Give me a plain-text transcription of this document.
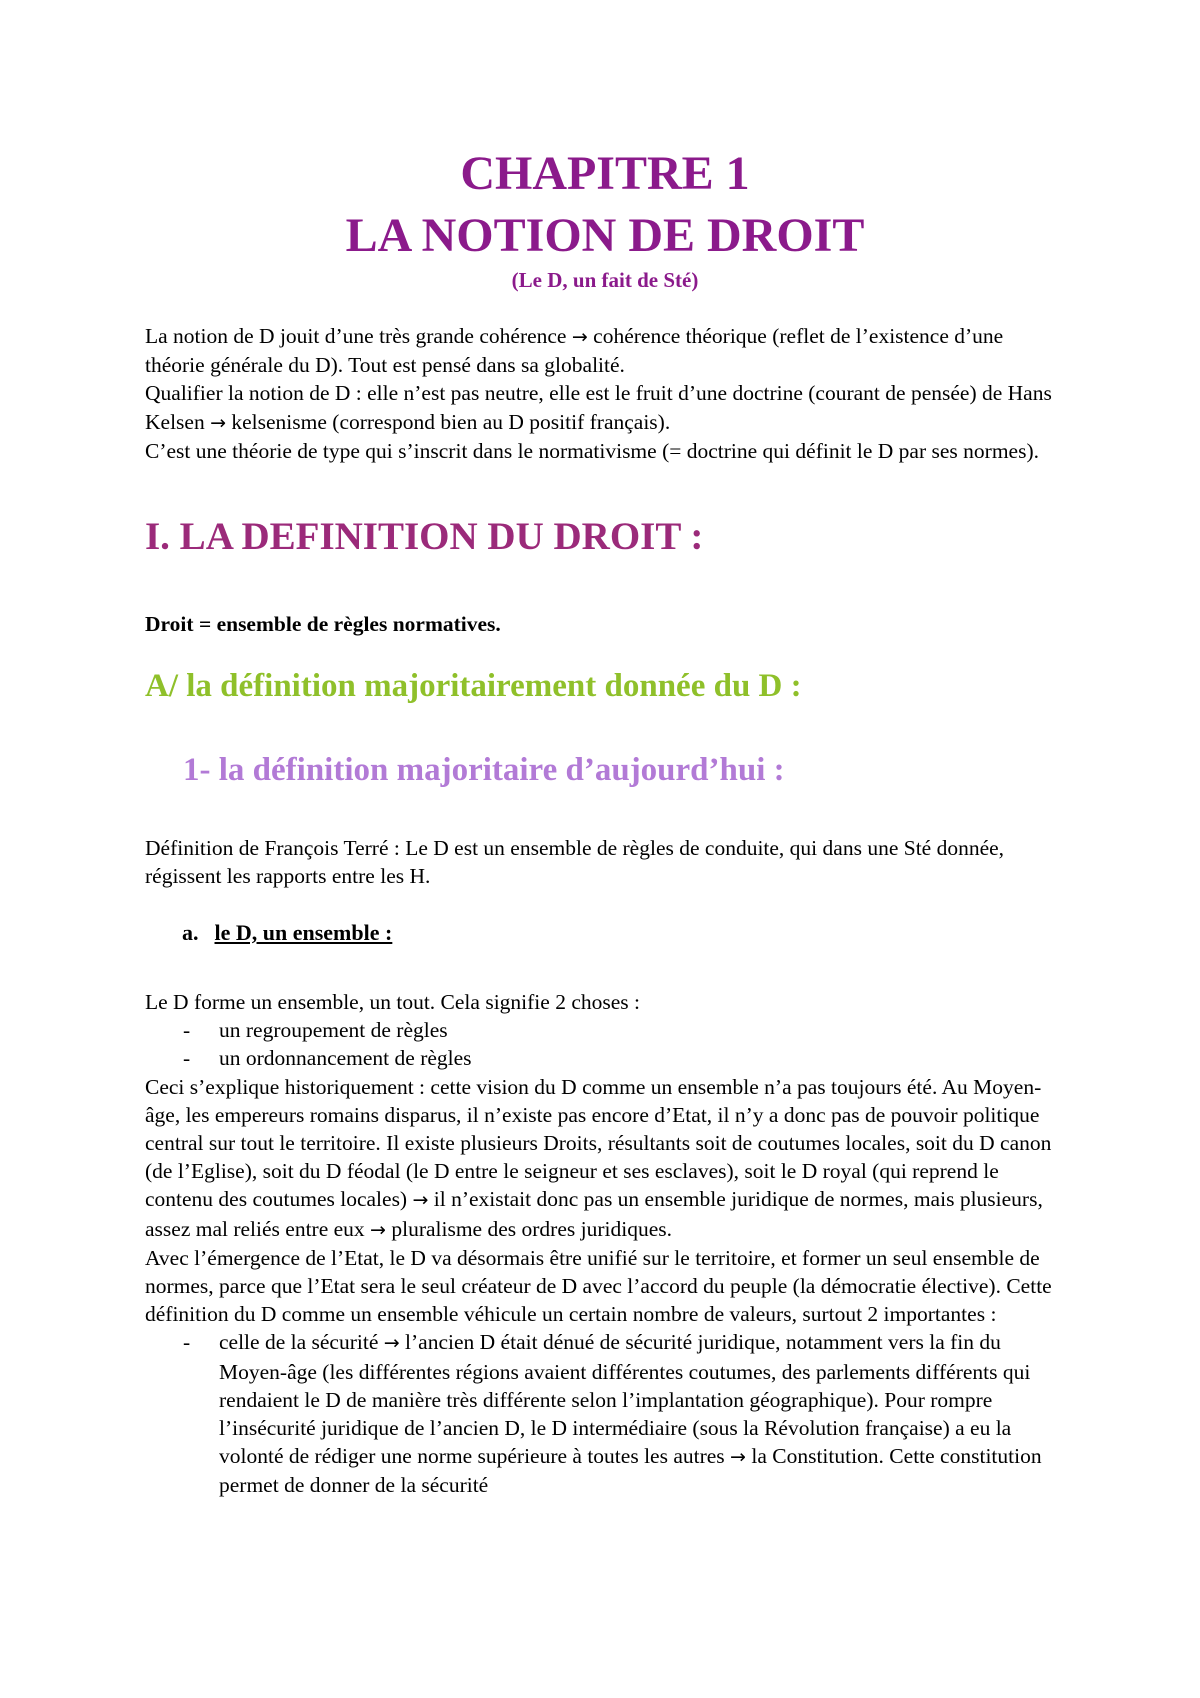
CHAPITRE 1
LA NOTION DE DROIT
(Le D, un fait de Sté)

La notion de D jouit d’une très grande cohérence → cohérence théorique (reflet de l’existence d’une théorie générale du D). Tout est pensé dans sa globalité.

Qualifier la notion de D : elle n’est pas neutre, elle est le fruit d’une doctrine (courant de pensée) de Hans Kelsen → kelsenisme (correspond bien au D positif français).

C’est une théorie de type qui s’inscrit dans le normativisme (= doctrine qui définit le D par ses normes).

I. LA DEFINITION DU DROIT :

Droit = ensemble de règles normatives.

A/ la définition majoritairement donnée du D :
1- la définition majoritaire d’aujourd’hui :

Définition de François Terré : Le D est un ensemble de règles de conduite, qui dans une Sté donnée, régissent les rapports entre les H.

a. le D, un ensemble :

Le D forme un ensemble, un tout. Cela signifie 2 choses :

- un regroupement de règles
- un ordonnancement de règles

Ceci s’explique historiquement : cette vision du D comme un ensemble n’a pas toujours été. Au Moyen-âge, les empereurs romains disparus, il n’existe pas encore d’Etat, il n’y a donc pas de pouvoir politique central sur tout le territoire. Il existe plusieurs Droits, résultants soit de coutumes locales, soit du D canon (de l’Eglise), soit du D féodal (le D entre le seigneur et ses esclaves), soit le D royal (qui reprend le contenu des coutumes locales) → il n’existait donc pas un ensemble juridique de normes, mais plusieurs, assez mal reliés entre eux → pluralisme des ordres juridiques.

Avec l’émergence de l’Etat, le D va désormais être unifié sur le territoire, et former un seul ensemble de normes, parce que l’Etat sera le seul créateur de D avec l’accord du peuple (la démocratie élective). Cette définition du D comme un ensemble véhicule un certain nombre de valeurs, surtout 2 importantes :

- celle de la sécurité → l’ancien D était dénué de sécurité juridique, notamment vers la fin du Moyen-âge (les différentes régions avaient différentes coutumes, des parlements différents qui rendaient le D de manière très différente selon l’implantation géographique). Pour rompre l’insécurité juridique de l’ancien D, le D intermédiaire (sous la Révolution française) a eu la volonté de rédiger une norme supérieure à toutes les autres → la Constitution. Cette constitution permet de donner de la sécurité
